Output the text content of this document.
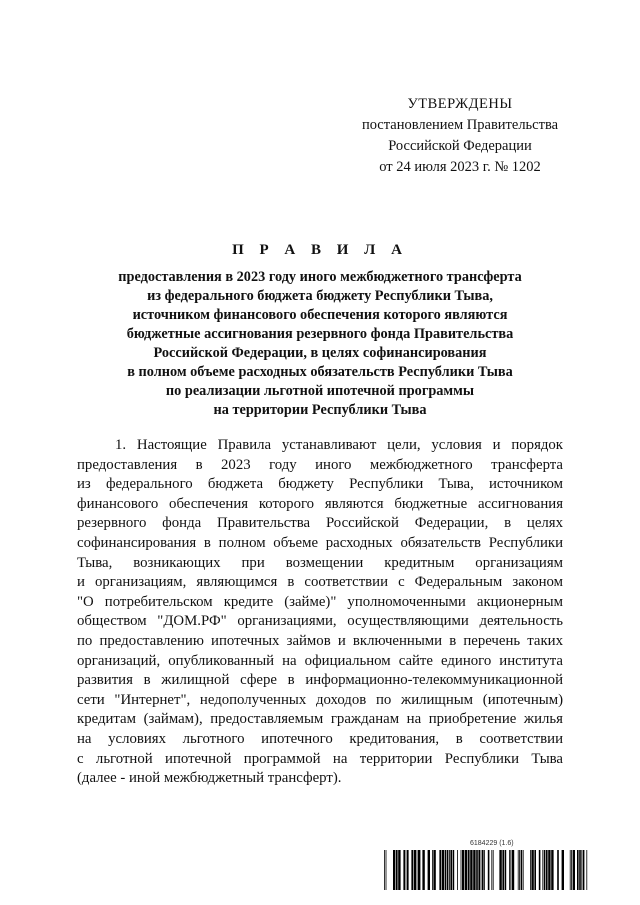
УТВЕРЖДЕНЫ
постановлением Правительства
Российской Федерации
от 24 июля 2023 г. № 1202
П Р А В И Л А
предоставления в 2023 году иного межбюджетного трансферта
из федерального бюджета бюджету Республики Тыва,
источником финансового обеспечения которого являются
бюджетные ассигнования резервного фонда Правительства
Российской Федерации, в целях софинансирования
в полном объеме расходных обязательств Республики Тыва
по реализации льготной ипотечной программы
на территории Республики Тыва
1. Настоящие Правила устанавливают цели, условия и порядок
предоставления в 2023 году иного межбюджетного трансферта
из федерального бюджета бюджету Республики Тыва, источником
финансового обеспечения которого являются бюджетные ассигнования
резервного фонда Правительства Российской Федерации, в целях
софинансирования в полном объеме расходных обязательств Республики
Тыва, возникающих при возмещении кредитным организациям
и организациям, являющимся в соответствии с Федеральным законом
"О потребительском кредите (займе)" уполномоченными акционерным
обществом "ДОМ.РФ" организациями, осуществляющими деятельность
по предоставлению ипотечных займов и включенными в перечень таких
организаций, опубликованный на официальном сайте единого института
развития в жилищной сфере в информационно-телекоммуникационной
сети "Интернет", недополученных доходов по жилищным (ипотечным)
кредитам (займам), предоставляемым гражданам на приобретение жилья
на условиях льготного ипотечного кредитования, в соответствии
с льготной ипотечной программой на территории Республики Тыва
(далее - иной межбюджетный трансферт).
6184229 (1.6)
